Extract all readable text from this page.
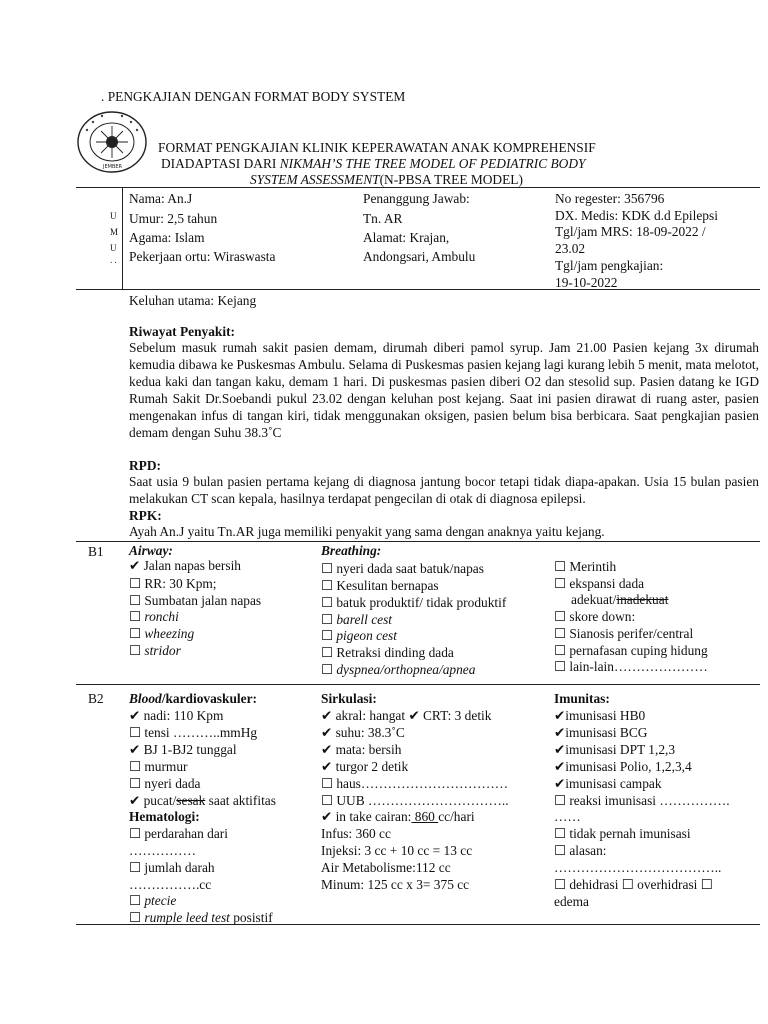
. PENGKAJIAN DENGAN FORMAT BODY SYSTEM
JEMBER
FORMAT PENGKAJIAN KLINIK KEPERAWATAN ANAK KOMPREHENSIF
DIADAPTASI DARI NIKMAH’S THE TREE MODEL OF PEDIATRIC BODY
SYSTEM ASSESSMENT(N-PBSA TREE MODEL)
U
M
U
. .
Nama: An.J
Umur: 2,5 tahun
Agama: Islam
Pekerjaan ortu: Wiraswasta
Penanggung Jawab:
Tn. AR
Alamat: Krajan,
Andongsari, Ambulu
No regester: 356796
DX. Medis: KDK d.d Epilepsi
Tgl/jam MRS: 18-09-2022 /
23.02
Tgl/jam pengkajian:
19-10-2022
Keluhan utama: Kejang
Riwayat Penyakit:
Sebelum masuk rumah sakit pasien demam, dirumah diberi pamol syrup. Jam 21.00 Pasien kejang 3x dirumah kemudia dibawa ke Puskesmas Ambulu. Selama di Puskesmas pasien kejang lagi kurang lebih 5 menit, mata melotot, kedua kaki dan tangan kaku, demam 1 hari. Di puskesmas pasien diberi O2 dan stesolid sup. Pasien datang ke IGD Rumah Sakit Dr.Soebandi pukul 23.02 dengan keluhan post kejang. Saat ini pasien dirawat di ruang aster, pasien mengenakan infus di tangan kiri, tidak menggunakan oksigen, pasien belum bisa berbicara. Saat pengkajian pasien demam dengan Suhu 38.3˚C
RPD:
Saat usia 9 bulan pasien pertama kejang di diagnosa jantung bocor tetapi tidak diapa-apakan. Usia 15 bulan pasien melakukan CT scan kepala, hasilnya terdapat pengecilan di otak di diagnosa epilepsi.
RPK:
Ayah An.J yaitu Tn.AR juga memiliki penyakit yang sama dengan anaknya yaitu kejang.
B1 Airway:
✔ Jalan napas bersih
☐ RR: 30 Kpm;
☐ Sumbatan jalan napas
☐ ronchi
☐ wheezing
☐ stridor
Breathing:
☐ nyeri dada saat batuk/napas
☐ Kesulitan bernapas
☐ batuk produktif/ tidak produktif
☐ barell cest
☐ pigeon cest
☐ Retraksi dinding dada
☐ dyspnea/orthopnea/apnea
☐ Merintih
☐ ekspansi dada
adekuat/inadekuat
☐ skore down:
☐ Sianosis perifer/central
☐ pernafasan cuping hidung
☐ lain-lain…………………
B2 Blood/kardiovaskuler:
✔ nadi: 110 Kpm
☐ tensi ………..mmHg
✔ BJ 1-BJ2 tunggal
☐ murmur
☐ nyeri dada
✔ pucat/sesak saat aktifitas
Hematologi:
☐ perdarahan dari
……………
☐ jumlah darah
…………….cc
☐ ptecie
☐ rumple leed test posistif
Sirkulasi:
✔ akral: hangat ✔ CRT: 3 detik
✔ suhu: 38.3˚C
✔ mata: bersih
✔ turgor 2 detik
☐ haus……………………………
☐ UUB …………………………..
✔ in take cairan: 860 cc/hari
Infus: 360 cc
Injeksi: 3 cc + 10 cc = 13 cc
Air Metabolisme:112 cc
Minum: 125 cc x 3= 375 cc
Imunitas:
✔imunisasi HB0
✔imunisasi BCG
✔imunisasi DPT 1,2,3
✔imunisasi Polio, 1,2,3,4
✔imunisasi campak
☐ reaksi imunisasi …………….
……
☐ tidak pernah imunisasi
☐ alasan:
………………………………..
☐ dehidrasi ☐ overhidrasi ☐
edema
